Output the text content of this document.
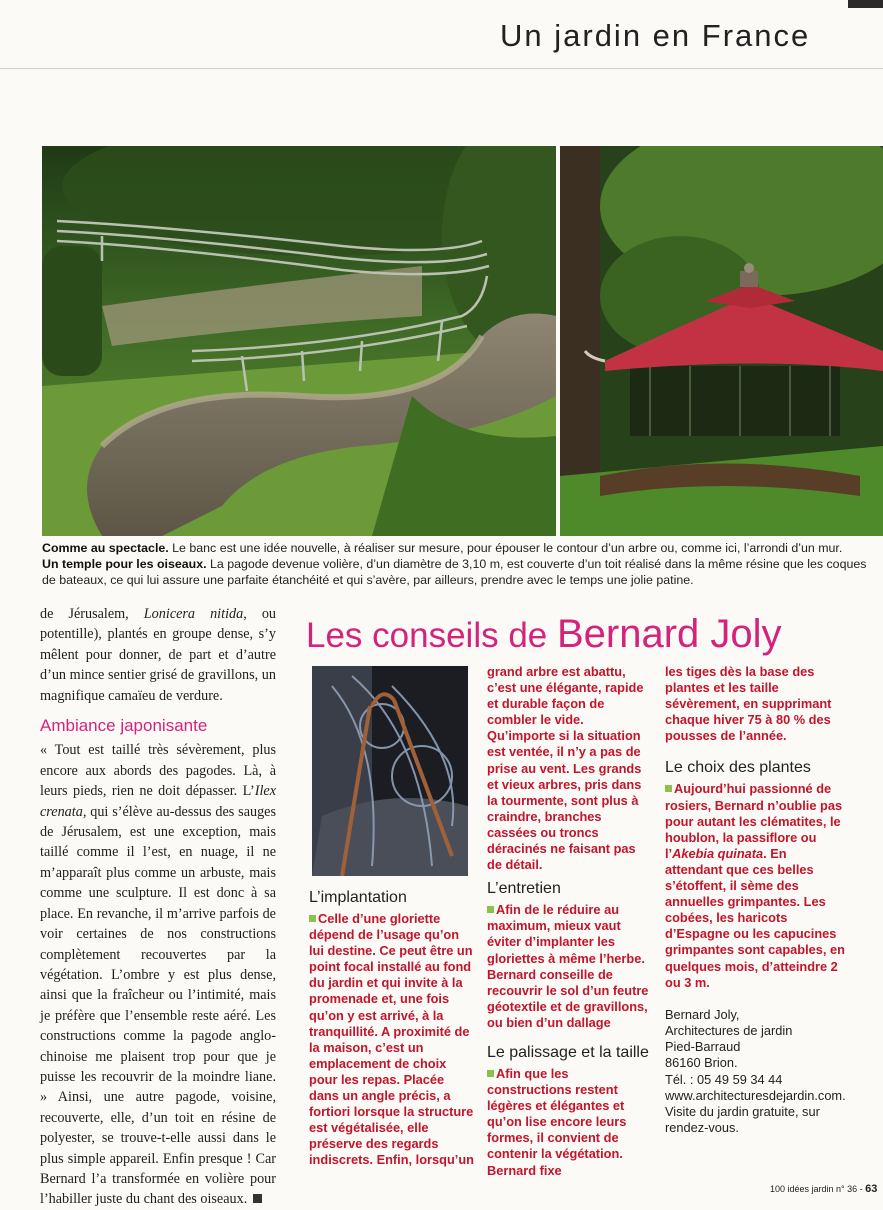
Un jardin en France
Comme au spectacle. Le banc est une idée nouvelle, à réaliser sur mesure, pour épouser le contour d’un arbre ou, comme ici, l’arrondi d’un mur.
Un temple pour les oiseaux. La pagode devenue volière, d’un diamètre de 3,10 m, est couverte d’un toit réalisé dans la même résine que les coques de bateaux, ce qui lui assure une parfaite étanchéité et qui s’avère, par ailleurs, prendre avec le temps une jolie patine.

de Jérusalem, Lonicera nitida, ou potentille), plantés en groupe dense, s’y mêlent pour donner, de part et d’autre d’un mince sentier grisé de gravillons, un magnifique camaïeu de verdure.

Ambiance japonisante

« Tout est taillé très sévèrement, plus encore aux abords des pagodes. Là, à leurs pieds, rien ne doit dépasser. L’Ilex crenata, qui s’élève au-dessus des sauges de Jérusalem, est une exception, mais taillé comme il l’est, en nuage, il ne m’apparaît plus comme un arbuste, mais comme une sculpture. Il est donc à sa place. En revanche, il m’arrive parfois de voir certaines de nos constructions complètement recouvertes par la végétation. L’ombre y est plus dense, ainsi que la fraîcheur ou l’intimité, mais je préfère que l’ensemble reste aéré. Les constructions comme la pagode anglo-chinoise me plaisent trop pour que je puisse les recouvrir de la moindre liane. » Ainsi, une autre pagode, voisine, recouverte, elle, d’un toit en résine de polyester, se trouve-t-elle aussi dans le plus simple appareil. Enfin presque ! Car Bernard l’a transformée en volière pour l’habiller juste du chant des oiseaux.

Les conseils de Bernard Joly
L’implantation
Celle d’une gloriette dépend de l’usage qu’on lui destine. Ce peut être un point focal installé au fond du jardin et qui invite à la promenade et, une fois qu’on y est arrivé, à la tranquillité. A proximité de la maison, c’est un emplacement de choix pour les repas. Placée dans un angle précis, a fortiori lorsque la structure est végétalisée, elle préserve des regards indiscrets. Enfin, lorsqu’un
grand arbre est abattu, c’est une élégante, rapide et durable façon de combler le vide. Qu’importe si la situation est ventée, il n’y a pas de prise au vent. Les grands et vieux arbres, pris dans la tourmente, sont plus à craindre, branches cassées ou troncs déracinés ne faisant pas de détail.
L’entretien
Afin de le réduire au maximum, mieux vaut éviter d’implanter les gloriettes à même l’herbe. Bernard conseille de recouvrir le sol d’un feutre géotextile et de gravillons, ou bien d’un dallage
Le palissage et la taille
Afin que les constructions restent légères et élégantes et qu’on lise encore leurs formes, il convient de contenir la végétation. Bernard fixe
les tiges dès la base des plantes et les taille sévèrement, en supprimant chaque hiver 75 à 80 % des pousses de l’année.
Le choix des plantes
Aujourd’hui passionné de rosiers, Bernard n’oublie pas pour autant les clématites, le houblon, la passiflore ou l’Akebia quinata. En attendant que ces belles s’étoffent, il sème des annuelles grimpantes. Les cobées, les haricots d’Espagne ou les capucines grimpantes sont capables, en quelques mois, d’atteindre 2 ou 3 m.
Bernard Joly,
Architectures de jardin
Pied-Barraud
86160 Brion.
Tél. : 05 49 59 34 44
www.architecturesdejardin.com. Visite du jardin gratuite, sur rendez-vous.
100 idées jardin n° 36 - 63
